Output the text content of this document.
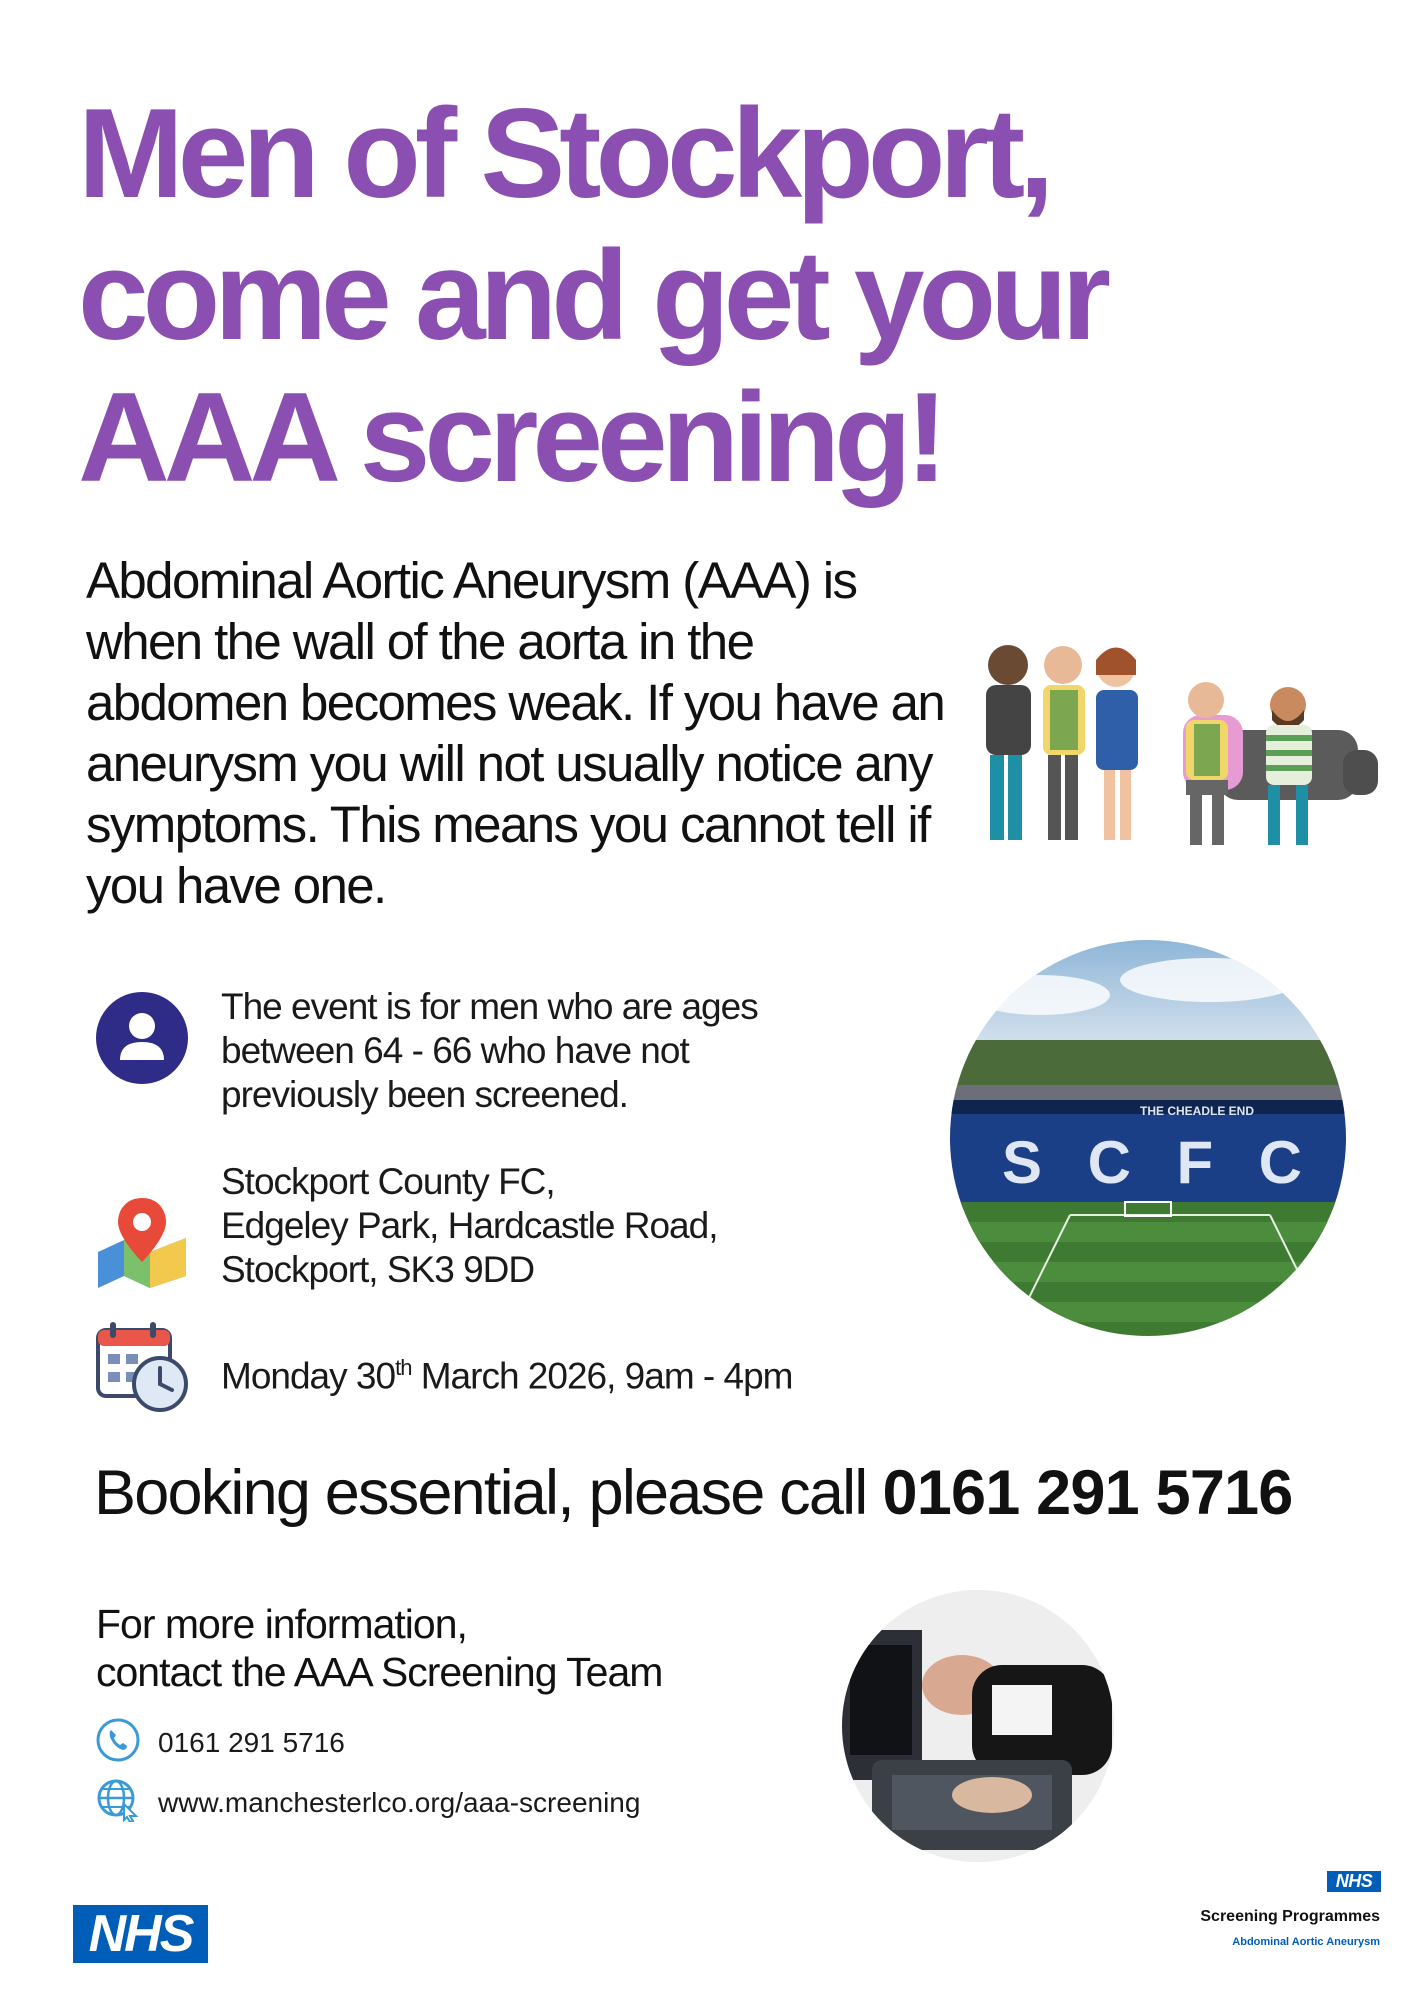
Men of Stockport,
come and get your
AAA screening!

Abdominal Aortic Aneurysm (AAA) is when the wall of the aorta in the abdomen becomes weak. If you have an aneurysm you will not usually notice any symptoms. This means you cannot tell if you have one.

The event is for men who are ages
between 64 - 66 who have not
previously been screened.
Stockport County FC,
Edgeley Park, Hardcastle Road,
Stockport, SK3 9DD
Monday 30th March 2026, 9am - 4pm
THE CHEADLE END
S C F C
Booking essential, please call 0161 291 5716
For more information,
contact the AAA Screening Team
0161 291 5716
www.manchesterlco.org/aaa-screening
NHS
NHS
Screening Programmes
Abdominal Aortic Aneurysm
